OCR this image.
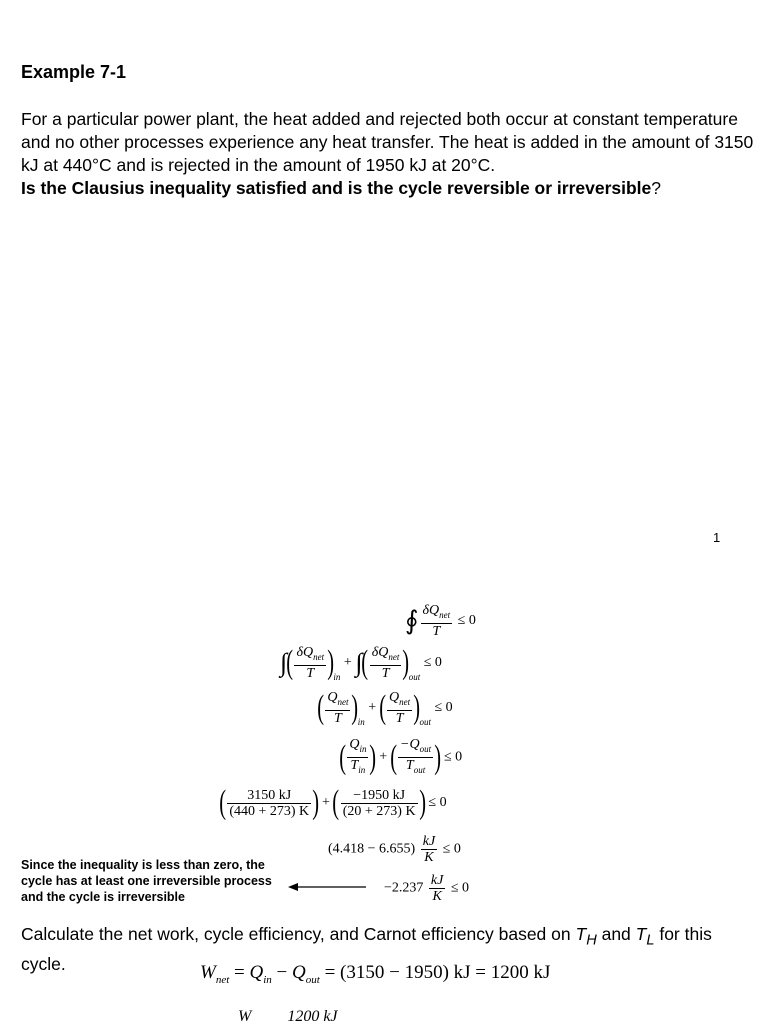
Example 7-1
For a particular power plant, the heat added and rejected both occur at constant temperature and no other processes experience any heat transfer. The heat is added in the amount of 3150 kJ at 440°C and is rejected in the amount of 1950 kJ at 20°C.
Is the Clausius inequality satisfied and is the cycle reversible or irreversible?
1
∮ $\frac{\delta Q_{net}}{T} \le 0$
∫( $\frac{\delta Q_{net}}{T} )_{in}$ + ∫( $\frac{\delta Q_{net}}{T} )_{out} \le 0$
( $\frac{Q_{net}}{T} )_{in}$ + ( $\frac{Q_{net}}{T} )_{out} \le 0$
( $\frac{Q_{in}}{T_{in}}$ ) + ( $\frac{-Q_{out}}{T_{out}}$ ) ≤ 0
( $\frac{3150 kJ}{(440 + 273) K}$ ) + ( $\frac{-1950 kJ}{(20 + 273) K}$ ) ≤ 0
$(4.418 - 6.655) \frac{kJ}{K} \le 0$
$-2.237 \frac{kJ}{K} \le 0$
Since the inequality is less than zero, the cycle has at least one irreversible process and the cycle is irreversible
Calculate the net work, cycle efficiency, and Carnot efficiency based on $T_H$ and $T_L$ for this cycle.	$W_{net} = Q_{in} - Q_{out} = (3150 - 1950)$ kJ = 1200 kJ
W         1200 kJ
